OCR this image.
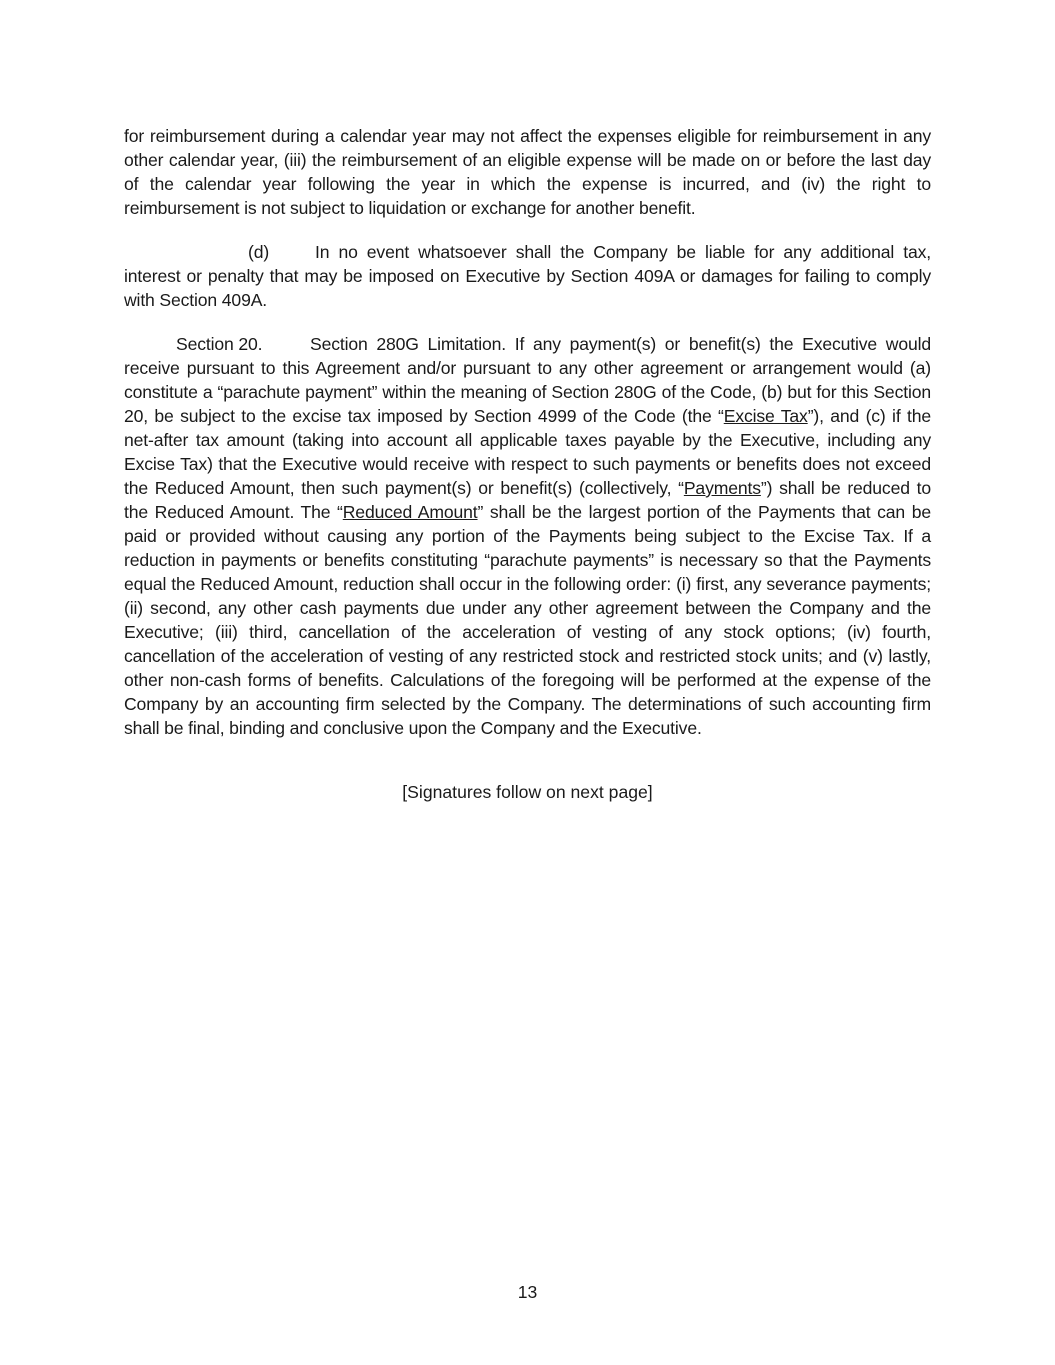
for reimbursement during a calendar year may not affect the expenses eligible for reimbursement in any other calendar year, (iii) the reimbursement of an eligible expense will be made on or before the last day of the calendar year following the year in which the expense is incurred, and (iv) the right to reimbursement is not subject to liquidation or exchange for another benefit.

(d)	In no event whatsoever shall the Company be liable for any additional tax, interest or penalty that may be imposed on Executive by Section 409A or damages for failing to comply with Section 409A.

Section 20.	Section 280G Limitation. If any payment(s) or benefit(s) the Executive would receive pursuant to this Agreement and/or pursuant to any other agreement or arrangement would (a) constitute a “parachute payment” within the meaning of Section 280G of the Code, (b) but for this Section 20, be subject to the excise tax imposed by Section 4999 of the Code (the “Excise Tax”), and (c) if the net-after tax amount (taking into account all applicable taxes payable by the Executive, including any Excise Tax) that the Executive would receive with respect to such payments or benefits does not exceed the Reduced Amount, then such payment(s) or benefit(s) (collectively, “Payments”) shall be reduced to the Reduced Amount. The “Reduced Amount” shall be the largest portion of the Payments that can be paid or provided without causing any portion of the Payments being subject to the Excise Tax. If a reduction in payments or benefits constituting “parachute payments” is necessary so that the Payments equal the Reduced Amount, reduction shall occur in the following order: (i) first, any severance payments; (ii) second, any other cash payments due under any other agreement between the Company and the Executive; (iii) third, cancellation of the acceleration of vesting of any stock options; (iv) fourth, cancellation of the acceleration of vesting of any restricted stock and restricted stock units; and (v) lastly, other non-cash forms of benefits. Calculations of the foregoing will be performed at the expense of the Company by an accounting firm selected by the Company. The determinations of such accounting firm shall be final, binding and conclusive upon the Company and the Executive.

[Signatures follow on next page]
13
